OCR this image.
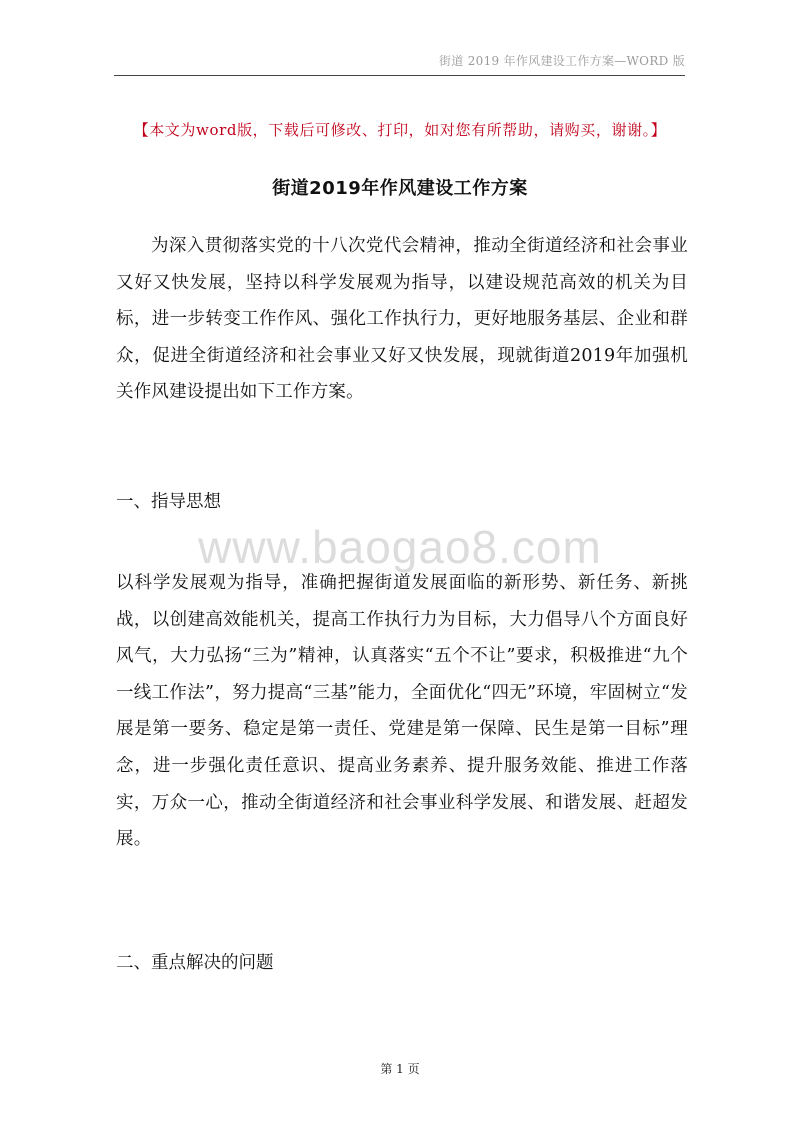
街道 2019 年作风建设工作方案—WORD 版
【本文为word版，下载后可修改、打印，如对您有所帮助，请购买，谢谢。】
街道2019年作风建设工作方案

为深入贯彻落实党的十八次党代会精神，推动全街道经济和社会事业又好又快发展，坚持以科学发展观为指导，以建设规范高效的机关为目标，进一步转变工作作风、强化工作执行力，更好地服务基层、企业和群众，促进全街道经济和社会事业又好又快发展，现就街道2019年加强机关作风建设提出如下工作方案。

一、指导思想

www.baogao8.com

以科学发展观为指导，准确把握街道发展面临的新形势、新任务、新挑战，以创建高效能机关，提高工作执行力为目标，大力倡导八个方面良好风气，大力弘扬“三为”精神，认真落实“五个不让”要求，积极推进“九个一线工作法”，努力提高“三基”能力，全面优化“四无”环境，牢固树立“发展是第一要务、稳定是第一责任、党建是第一保障、民生是第一目标”理念，进一步强化责任意识、提高业务素养、提升服务效能、推进工作落实，万众一心，推动全街道经济和社会事业科学发展、和谐发展、赶超发展。

二、重点解决的问题

第 1 页
